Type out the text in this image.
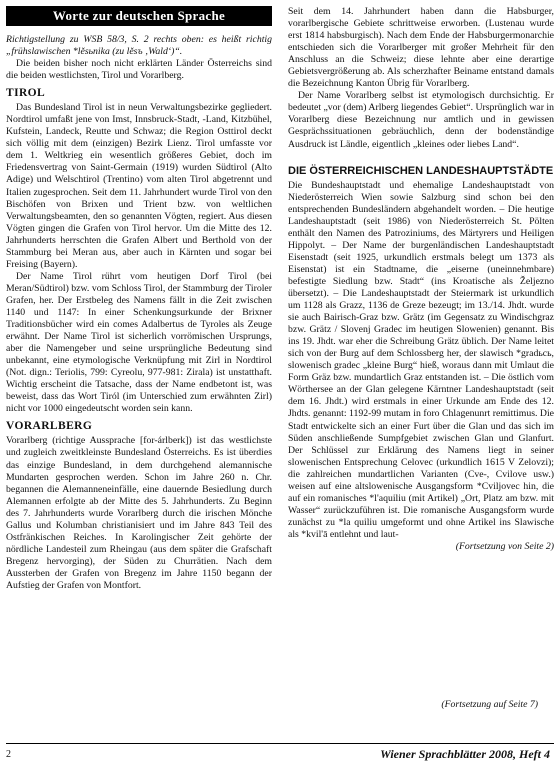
Worte zur deutschen Sprache

Richtigstellung zu WSB 58/3, S. 2 rechts oben: es heißt richtig „frühslawischen *lěsьnika (zu lěsъ ‚Wald‘)“.

Die beiden bisher noch nicht erklärten Länder Österreichs sind die beiden westlichsten, Tirol und Vorarlberg.

TIROL

Das Bundesland Tirol ist in neun Verwaltungsbezirke gegliedert. Nordtirol umfaßt jene von Imst, Innsbruck-Stadt, -Land, Kitzbühel, Kufstein, Landeck, Reutte und Schwaz; die Region Osttirol deckt sich völlig mit dem (einzigen) Bezirk Lienz. Tirol umfasste vor dem 1. Weltkrieg ein wesentlich größeres Gebiet, doch im Friedensvertrag von Saint-Germain (1919) wurden Südtirol (Alto Adige) und Welschtirol (Trentino) vom alten Tirol abgetrennt und Italien zugesprochen. Seit dem 11. Jahrhundert wurde Tirol von den Bischöfen von Brixen und Trient bzw. von weltlichen Verwaltungsbeamten, den so genannten Vögten, regiert. Aus diesen Vögten gingen die Grafen von Tirol hervor. Um die Mitte des 12. Jahrhunderts herrschten die Grafen Albert und Berthold von der Stammburg bei Meran aus, aber auch in Kärnten und sogar bei Freising (Bayern).

Der Name Tirol rührt vom heutigen Dorf Tirol (bei Meran/Südtirol) bzw. vom Schloss Tirol, der Stammburg der Tiroler Grafen, her. Der Erstbeleg des Namens fällt in die Zeit zwischen 1140 und 1147: In einer Schenkungsurkunde der Brixner Traditionsbücher wird ein comes Adalbertus de Tyroles als Zeuge erwähnt. Der Name Tirol ist sicherlich vorrömischen Ursprungs, aber die Namengeber und seine ursprüngliche Bedeutung sind unbekannt, eine etymologische Verknüpfung mit Zirl in Nordtirol (Not. dign.: Teriolis, 799: Cyreolu, 977-981: Zirala) ist unstatthaft. Wichtig erscheint die Tatsache, dass der Name endbetont ist, was beweist, dass das Wort Tiról (im Unterschied zum erwähnten Zirl) nicht vor 1000 eingedeutscht worden sein kann.

VORARLBERG

Vorarlberg (richtige Aussprache [for-árlberk]) ist das westlichste und zugleich zweitkleinste Bundesland Österreichs. Es ist überdies das einzige Bundesland, in dem durchgehend alemannische Mundarten gesprochen werden. Schon im Jahre 260 n. Chr. begannen die Alemanneneinfälle, eine dauernde Besiedlung durch Alemannen erfolgte ab der Mitte des 5. Jahrhunderts. Zu Beginn des 7. Jahrhunderts wurde Vorarlberg durch die irischen Mönche Gallus und Kolumban christianisiert und im Jahre 843 Teil des Ostfränkischen Reiches. In Karolingischer Zeit gehörte der nördliche Landesteil zum Rheingau (aus dem später die Grafschaft Bregenz hervorging), der Süden zu Churrätien. Nach dem Aussterben der Grafen von Bregenz im Jahre 1150 begann der Aufstieg der Grafen von Montfort.

Seit dem 14. Jahrhundert haben dann die Habsburger, vorarlbergische Gebiete schrittweise erworben. (Lustenau wurde erst 1814 habsburgisch). Nach dem Ende der Habsburgermonarchie entschieden sich die Vorarlberger mit großer Mehrheit für den Anschluss an die Schweiz; diese lehnte aber eine derartige Gebietsvergrößerung ab. Als scherzhafter Beiname entstand damals die Bezeichnung Kanton Übrig für Vorarlberg.

Der Name Vorarlberg selbst ist etymologisch durchsichtig. Er bedeutet „vor (dem) Arlberg liegendes Gebiet“. Ursprünglich war in Vorarlberg diese Bezeichnung nur amtlich und in gewissen Gesprächssituationen gebräuchlich, denn der bodenständige Ausdruck ist Ländle, eigentlich „kleines oder liebes Land“.

DIE ÖSTERREICHISCHEN LANDESHAUPTSTÄDTE

Die Bundeshauptstadt und ehemalige Landeshauptstadt von Niederösterreich Wien sowie Salzburg sind schon bei den entsprechenden Bundesländern abgehandelt worden. – Die heutige Landeshauptstadt (seit 1986) von Niederösterreich St. Pölten enthält den Namen des Patroziniums, des Märtyrers und Heiligen Hippolyt. – Der Name der burgenländischen Landeshauptstadt Eisenstadt (seit 1925, urkundlich erstmals belegt um 1373 als Eisenstat) ist ein Stadtname, die „eiserne (uneinnehmbare) befestigte Siedlung bzw. Stadt“ (ins Kroatische als Željezno übersetzt). – Die Landeshauptstadt der Steiermark ist urkundlich um 1128 als Grazz, 1136 de Greze bezeugt; im 13./14. Jhdt. wurde sie auch Bairisch-Graz bzw. Grätz (im Gegensatz zu Windischgraz bzw. Grätz / Slovenj Gradec im heutigen Slowenien) genannt. Bis ins 19. Jhdt. war eher die Schreibung Grätz üblich. Der Name leitet sich von der Burg auf dem Schlossberg her, der slawisch *gradьcь, slowenisch gradec „kleine Burg“ hieß, woraus dann mit Umlaut die Form Gräz bzw. mundartlich Graz entstanden ist. – Die östlich vom Wörthersee an der Glan gelegene Kärntner Landeshauptstadt (seit dem 16. Jhdt.) wird erstmals in einer Urkunde am Ende des 12. Jhdts. genannt: 1192-99 mutam in foro Chlagenunrt remittimus. Die Stadt entwickelte sich an einer Furt über die Glan und das sich im Süden anschließende Sumpfgebiet zwischen Glan und Glanfurt. Der Schlüssel zur Erklärung des Namens liegt in seiner slowenischen Entsprechung Celovec (urkundlich 1615 V Zelovzi); die zahlreichen mundartlichen Varianten (Cve-, Cvilove usw.) weisen auf eine altslowenische Ausgangsform *Cviljovec hin, die auf ein romanisches *l'aquiliu (mit Artikel) „Ort, Platz am bzw. mit Wasser“ zurückzuführen ist. Die romanische Ausgangsform wurde zunächst zu *la quiliu umgeformt und ohne Artikel ins Slawische als *kvil'ā entlehnt und laut-

(Fortsetzung von Seite 2)

(Fortsetzung auf Seite 7)
2	Wiener Sprachblätter 2008, Heft 4
